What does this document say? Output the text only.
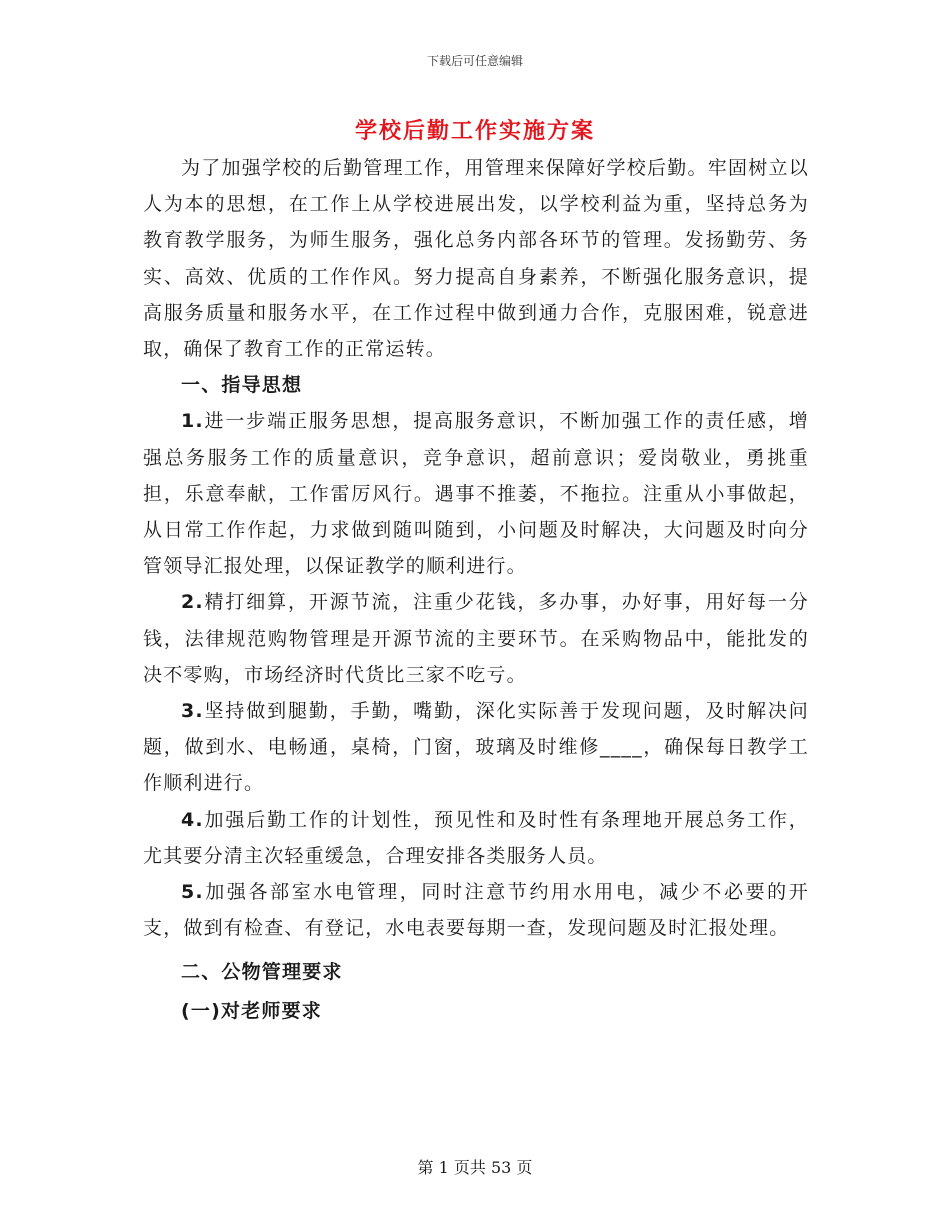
下载后可任意编辑
学校后勤工作实施方案

为了加强学校的后勤管理工作，用管理来保障好学校后勤。牢固树立以人为本的思想，在工作上从学校进展出发，以学校利益为重，坚持总务为教育教学服务，为师生服务，强化总务内部各环节的管理。发扬勤劳、务实、高效、优质的工作作风。努力提高自身素养，不断强化服务意识，提高服务质量和服务水平，在工作过程中做到通力合作，克服困难，锐意进取，确保了教育工作的正常运转。

一、指导思想

1.进一步端正服务思想，提高服务意识，不断加强工作的责任感，增强总务服务工作的质量意识，竞争意识，超前意识；爱岗敬业，勇挑重担，乐意奉献，工作雷厉风行。遇事不推萎，不拖拉。注重从小事做起，从日常工作作起，力求做到随叫随到，小问题及时解决，大问题及时向分管领导汇报处理，以保证教学的顺利进行。

2.精打细算，开源节流，注重少花钱，多办事，办好事，用好每一分钱，法律规范购物管理是开源节流的主要环节。在采购物品中，能批发的决不零购，市场经济时代货比三家不吃亏。

3.坚持做到腿勤，手勤，嘴勤，深化实际善于发现问题，及时解决问题，做到水、电畅通，桌椅，门窗，玻璃及时维修____，确保每日教学工作顺利进行。

4.加强后勤工作的计划性，预见性和及时性有条理地开展总务工作，尤其要分清主次轻重缓急，合理安排各类服务人员。

5.加强各部室水电管理，同时注意节约用水用电，减少不必要的开支，做到有检查、有登记，水电表要每期一查，发现问题及时汇报处理。

二、公物管理要求

(一)对老师要求

第 1 页共 53 页
